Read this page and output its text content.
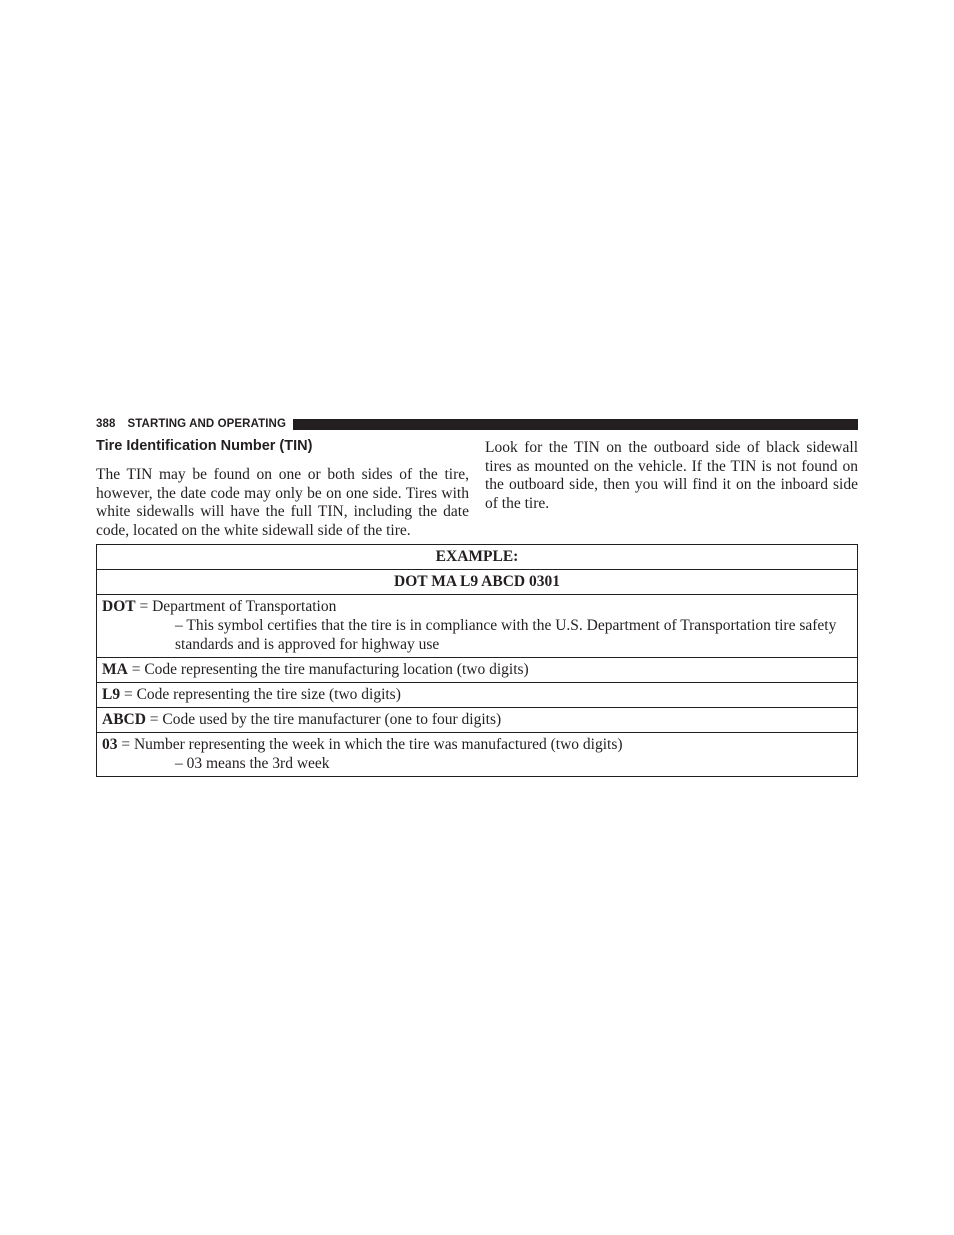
388 STARTING AND OPERATING
Tire Identification Number (TIN)

The TIN may be found on one or both sides of the tire, however, the date code may only be on one side. Tires with white sidewalls will have the full TIN, including the date code, located on the white sidewall side of the tire.

Look for the TIN on the outboard side of black sidewall tires as mounted on the vehicle. If the TIN is not found on the outboard side, then you will find it on the inboard side of the tire.

EXAMPLE:
DOT MA L9 ABCD 0301
DOT = Department of Transportation
– This symbol certifies that the tire is in compliance with the U.S. Department of Transportation tire safety standards and is approved for highway use

MA = Code representing the tire manufacturing location (two digits)
L9 = Code representing the tire size (two digits)
ABCD = Code used by the tire manufacturer (one to four digits)
03 = Number representing the week in which the tire was manufactured (two digits)
– 03 means the 3rd week
